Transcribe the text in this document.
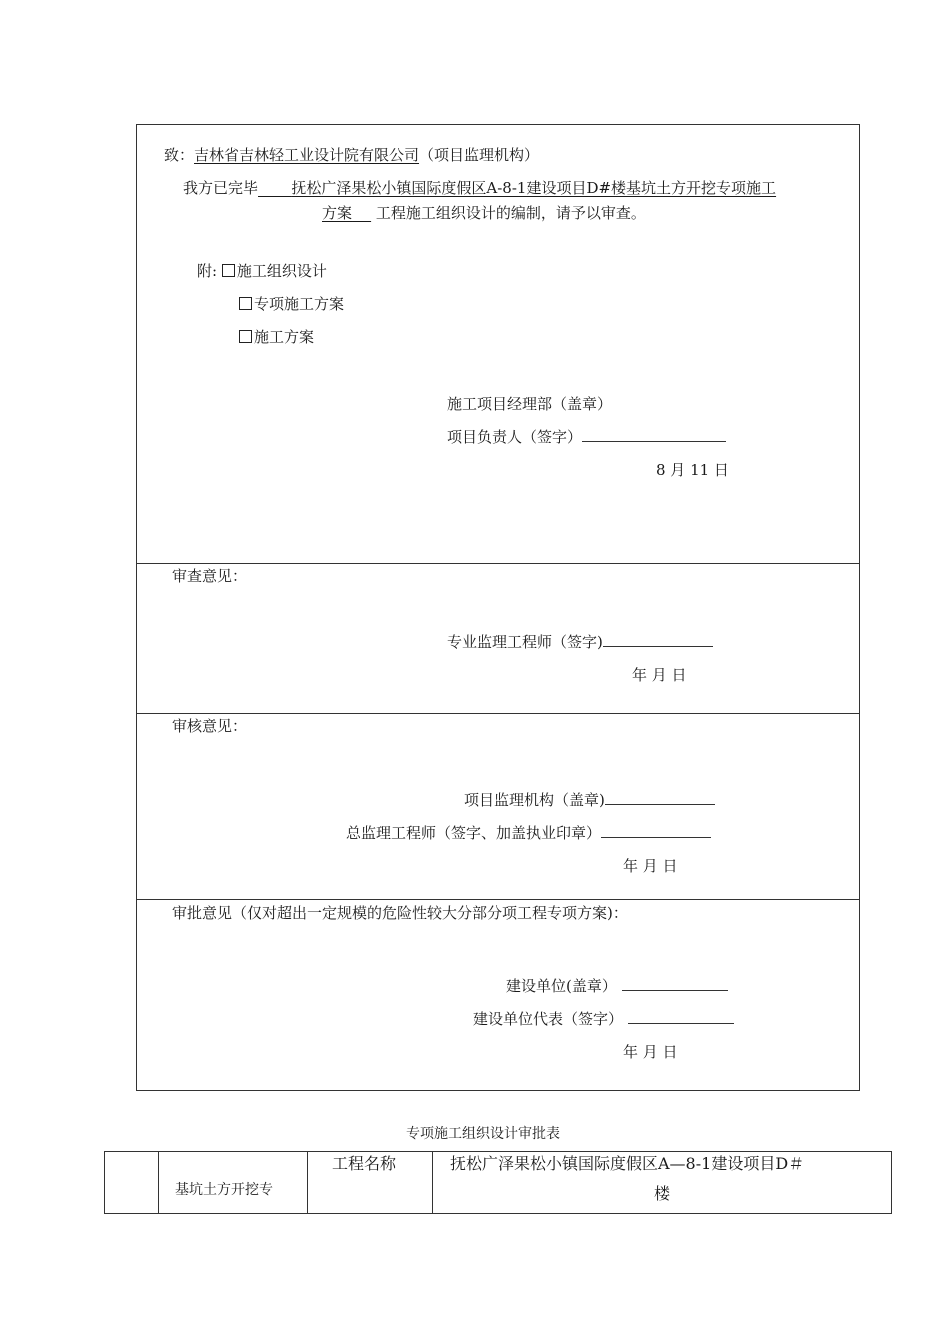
致：吉林省吉林轻工业设计院有限公司（项目监理机构）
我方已完毕 抚松广泽果松小镇国际度假区A-8-1建设项目D#楼基坑土方开挖专项施工
方案 工程施工组织设计的编制，请予以审查。
附: 施工组织设计
专项施工方案
施工方案
施工项目经理部（盖章）
项目负责人（签字）
8 月 11 日
审查意见：
专业监理工程师（签字)
年 月 日
审核意见：
项目监理机构（盖章)
总监理工程师（签字、加盖执业印章）
年 月 日
审批意见（仅对超出一定规模的危险性较大分部分项工程专项方案)：
建设单位(盖章）
建设单位代表（签字）
年 月 日
专项施工组织设计审批表
基坑土方开挖专
工程名称	抚松广泽果松小镇国际度假区A—8-1建设项目D＃
楼
